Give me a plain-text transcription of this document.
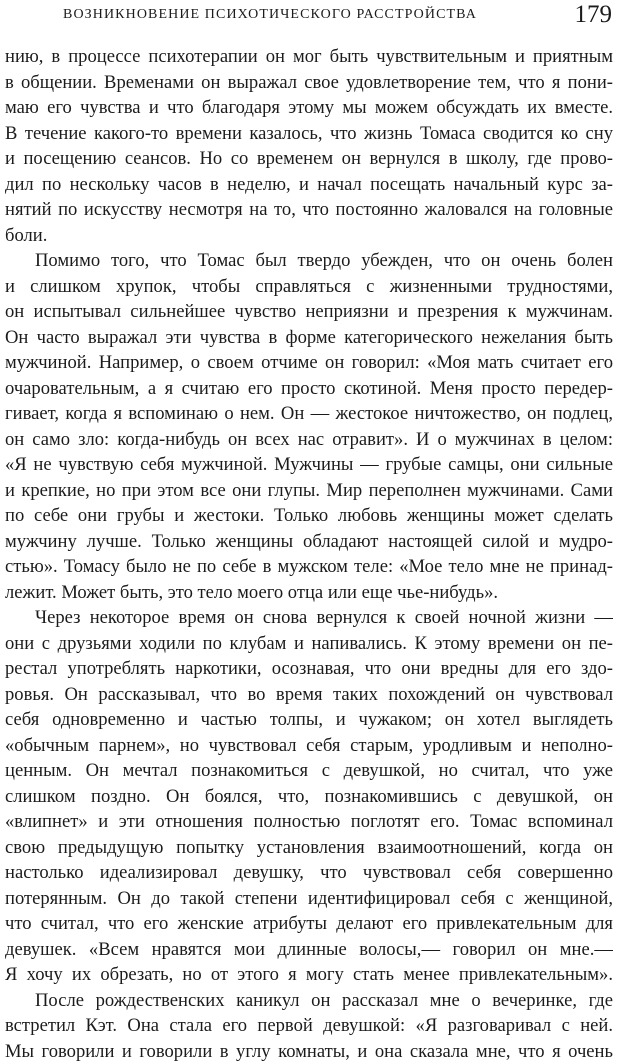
ВОЗНИКНОВЕНИЕ ПСИХОТИЧЕСКОГО РАССТРОЙСТВА	179
нию, в процессе психотерапии он мог быть чувствительным и приятным
в общении. Временами он выражал свое удовлетворение тем, что я пони-
маю его чувства и что благодаря этому мы можем обсуждать их вместе.
В течение какого-то времени казалось, что жизнь Томаса сводится ко сну
и посещению сеансов. Но со временем он вернулся в школу, где прово-
дил по нескольку часов в неделю, и начал посещать начальный курс за-
нятий по искусству несмотря на то, что постоянно жаловался на головные
боли.
Помимо того, что Томас был твердо убежден, что он очень болен
и слишком хрупок, чтобы справляться с жизненными трудностями,
он испытывал сильнейшее чувство неприязни и презрения к мужчинам.
Он часто выражал эти чувства в форме категорического нежелания быть
мужчиной. Например, о своем отчиме он говорил: «Моя мать считает его
очаровательным, а я считаю его просто скотиной. Меня просто передер-
гивает, когда я вспоминаю о нем. Он — жестокое ничтожество, он подлец,
он само зло: когда-нибудь он всех нас отравит». И о мужчинах в целом:
«Я не чувствую себя мужчиной. Мужчины — грубые самцы, они сильные
и крепкие, но при этом все они глупы. Мир переполнен мужчинами. Сами
по себе они грубы и жестоки. Только любовь женщины может сделать
мужчину лучше. Только женщины обладают настоящей силой и мудро-
стью». Томасу было не по себе в мужском теле: «Мое тело мне не принад-
лежит. Может быть, это тело моего отца или еще чье-нибудь».
Через некоторое время он снова вернулся к своей ночной жизни —
они с друзьями ходили по клубам и напивались. К этому времени он пе-
рестал употреблять наркотики, осознавая, что они вредны для его здо-
ровья. Он рассказывал, что во время таких похождений он чувствовал
себя одновременно и частью толпы, и чужаком; он хотел выглядеть
«обычным парнем», но чувствовал себя старым, уродливым и неполно-
ценным. Он мечтал познакомиться с девушкой, но считал, что уже
слишком поздно. Он боялся, что, познакомившись с девушкой, он
«влипнет» и эти отношения полностью поглотят его. Томас вспоминал
свою предыдущую попытку установления взаимоотношений, когда он
настолько идеализировал девушку, что чувствовал себя совершенно
потерянным. Он до такой степени идентифицировал себя с женщиной,
что считал, что его женские атрибуты делают его привлекательным для
девушек. «Всем нравятся мои длинные волосы,— говорил он мне.—
Я хочу их обрезать, но от этого я могу стать менее привлекательным».
После рождественских каникул он рассказал мне о вечеринке, где
встретил Кэт. Она стала его первой девушкой: «Я разговаривал с ней.
Мы говорили и говорили в углу комнаты, и она сказала мне, что я очень
